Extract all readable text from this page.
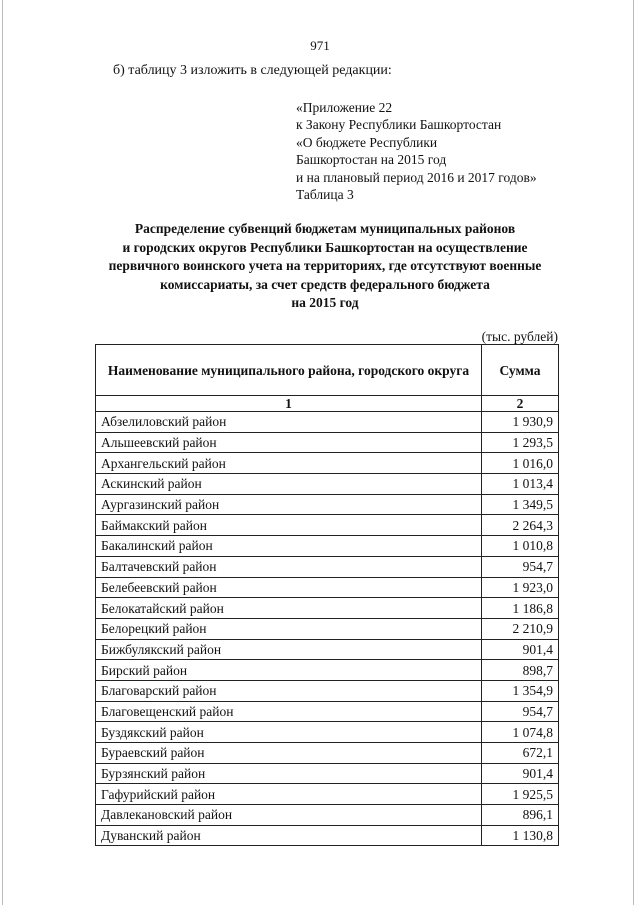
971
б) таблицу 3 изложить в следующей редакции:
«Приложение 22
к Закону Республики Башкортостан
«О бюджете Республики
Башкортостан на 2015 год
и на плановый период 2016 и 2017 годов»
Таблица 3
Распределение субвенций бюджетам муниципальных районов
и городских округов Республики Башкортостан на осуществление
первичного воинского учета на территориях, где отсутствуют военные
комиссариаты, за счет средств федерального бюджета
на 2015 год
(тыс. рублей)
Наименование муниципального района, городского округа	Сумма
1	2
Абзелиловский район	1 930,9
Альшеевский район	1 293,5
Архангельский район	1 016,0
Аскинский район	1 013,4
Аургазинский район	1 349,5
Баймакский район	2 264,3
Бакалинский район	1 010,8
Балтачевский район	954,7
Белебеевский район	1 923,0
Белокатайский район	1 186,8
Белорецкий район	2 210,9
Бижбулякский район	901,4
Бирский район	898,7
Благоварский район	1 354,9
Благовещенский район	954,7
Буздякский район	1 074,8
Бураевский район	672,1
Бурзянский район	901,4
Гафурийский район	1 925,5
Давлекановский район	896,1
Дуванский район	1 130,8
